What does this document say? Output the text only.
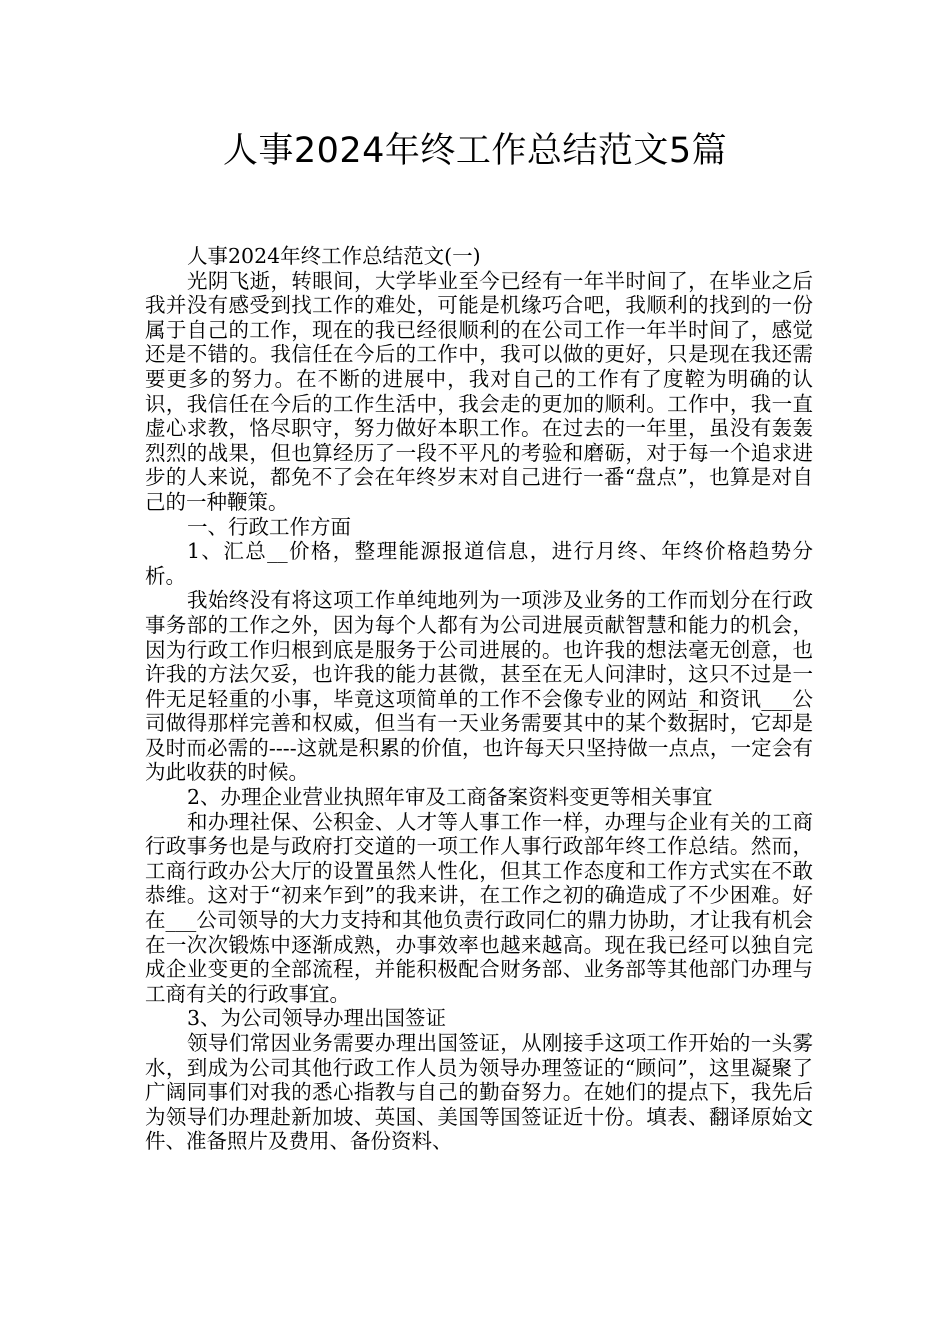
人事2024年终工作总结范文5篇

人事2024年终工作总结范文(一)

光阴飞逝，转眼间，大学毕业至今已经有一年半时间了，在毕业之后我并没有感受到找工作的难处，可能是机缘巧合吧，我顺利的找到的一份属于自己的工作，现在的我已经很顺利的在公司工作一年半时间了，感觉还是不错的。我信任在今后的工作中，我可以做的更好，只是现在我还需要更多的努力。在不断的进展中，我对自己的工作有了度鞚为明确的认识，我信任在今后的工作生活中，我会走的更加的顺利。工作中，我一直虚心求教，恪尽职守，努力做好本职工作。在过去的一年里，虽没有轰轰烈烈的战果，但也算经历了一段不平凡的考验和磨砺，对于每一个追求进步的人来说，都免不了会在年终岁末对自己进行一番“盘点”，也算是对自己的一种鞭策。

一、行政工作方面

1、汇总__价格，整理能源报道信息，进行月终、年终价格趋势分析。

我始终没有将这项工作单纯地列为一项涉及业务的工作而划分在行政事务部的工作之外，因为每个人都有为公司进展贡献智慧和能力的机会，因为行政工作归根到底是服务于公司进展的。也许我的想法毫无创意，也许我的方法欠妥，也许我的能力甚微，甚至在无人问津时，这只不过是一件无足轻重的小事，毕竟这项简单的工作不会像专业的网站_和资讯___公司做得那样完善和权威，但当有一天业务需要其中的某个数据时，它却是及时而必需的----这就是积累的价值，也许每天只坚持做一点点，一定会有为此收获的时候。

2、办理企业营业执照年审及工商备案资料变更等相关事宜

和办理社保、公积金、人才等人事工作一样，办理与企业有关的工商行政事务也是与政府打交道的一项工作人事行政部年终工作总结。然而，工商行政办公大厅的设置虽然人性化，但其工作态度和工作方式实在不敢恭维。这对于“初来乍到”的我来讲，在工作之初的确造成了不少困难。好在___公司领导的大力支持和其他负责行政同仁的鼎力协助，才让我有机会在一次次锻炼中逐渐成熟，办事效率也越来越高。现在我已经可以独自完成企业变更的全部流程，并能积极配合财务部、业务部等其他部门办理与工商有关的行政事宜。

3、为公司领导办理出国签证

领导们常因业务需要办理出国签证，从刚接手这项工作开始的一头雾水，到成为公司其他行政工作人员为领导办理签证的“顾问”，这里凝聚了广阔同事们对我的悉心指教与自己的勤奋努力。在她们的提点下，我先后为领导们办理赴新加坡、英国、美国等国签证近十份。填表、翻译原始文件、准备照片及费用、备份资料、
